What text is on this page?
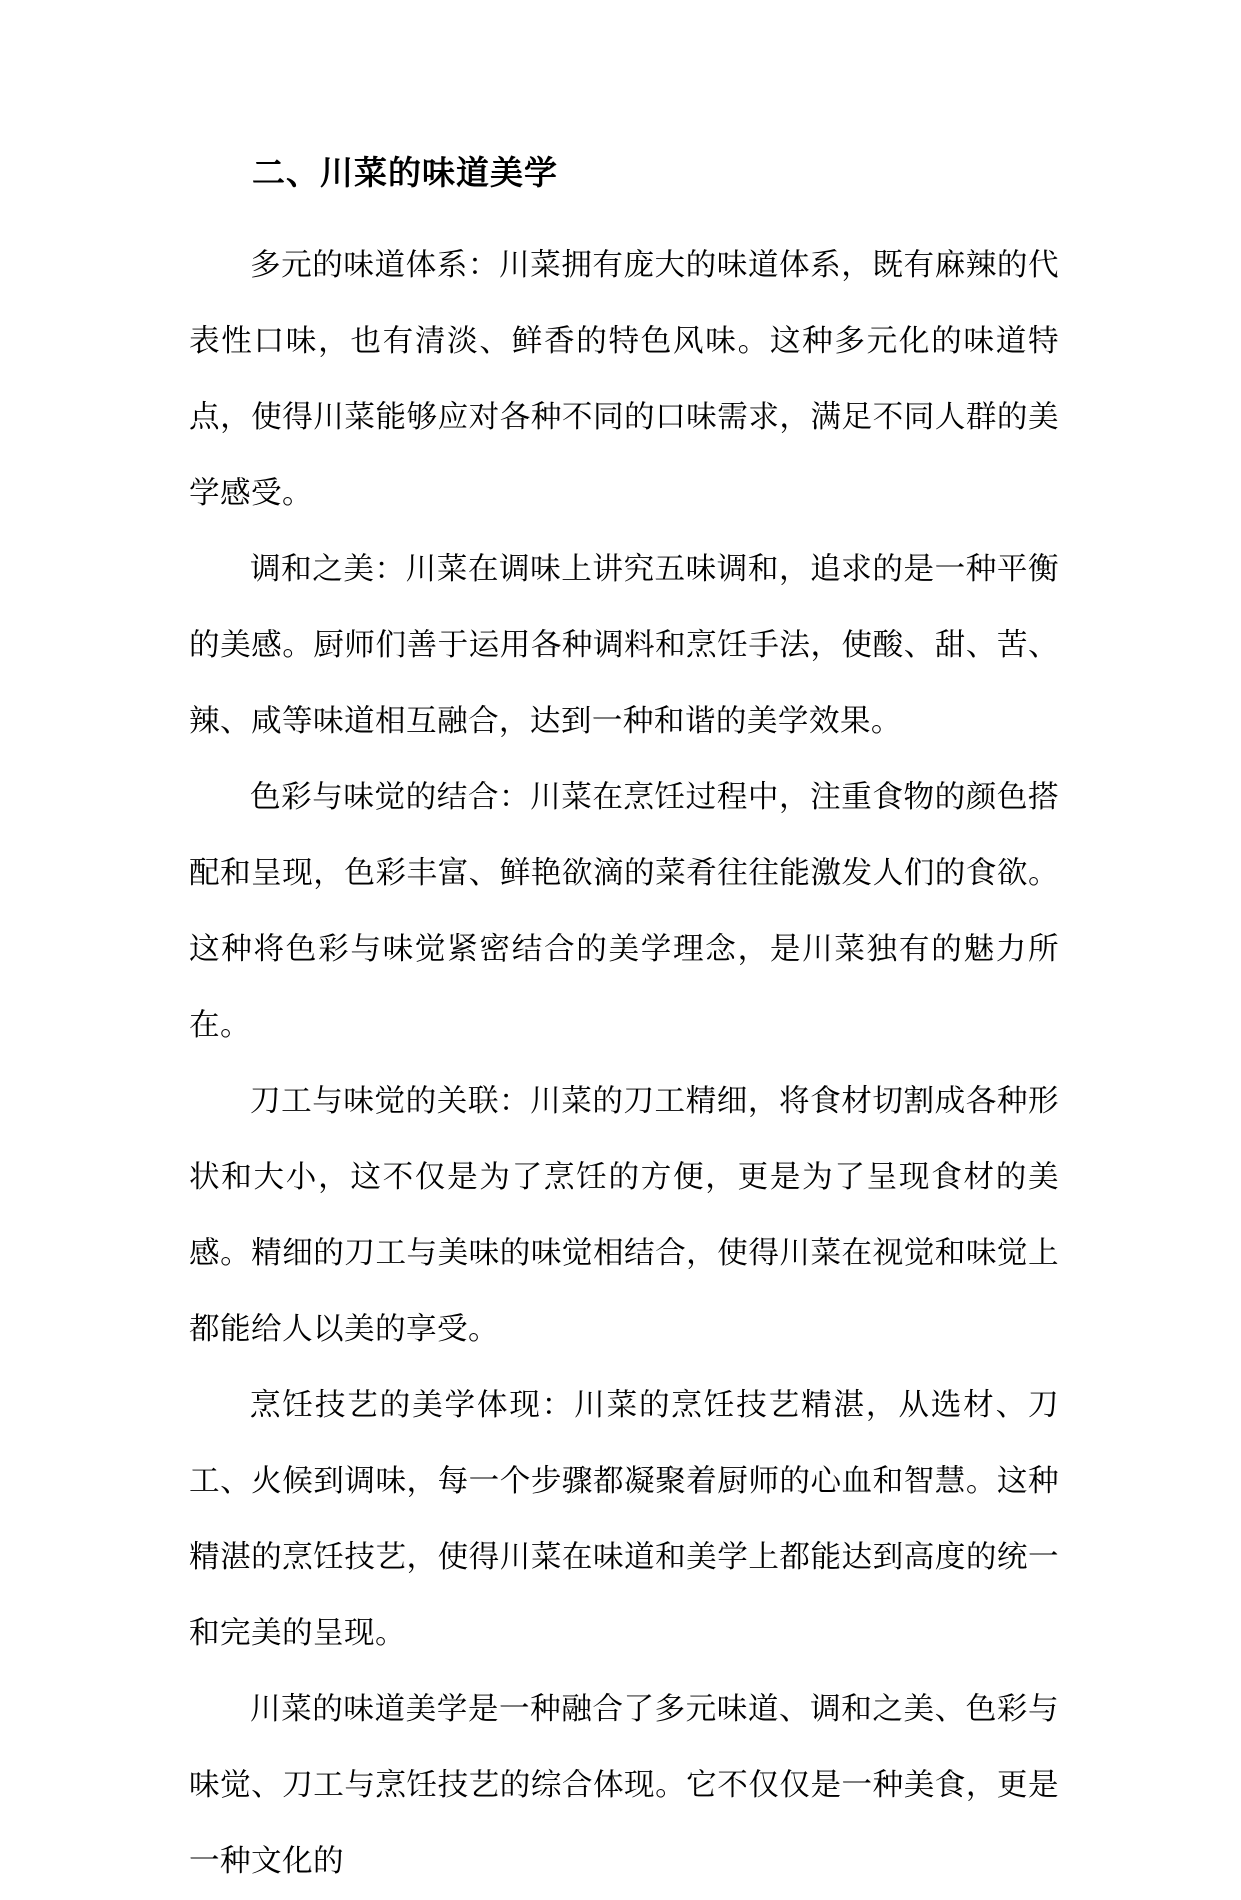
二、川菜的味道美学

多元的味道体系：川菜拥有庞大的味道体系，既有麻辣的代表性口味，也有清淡、鲜香的特色风味。这种多元化的味道特点，使得川菜能够应对各种不同的口味需求，满足不同人群的美学感受。

调和之美：川菜在调味上讲究五味调和，追求的是一种平衡的美感。厨师们善于运用各种调料和烹饪手法，使酸、甜、苦、辣、咸等味道相互融合，达到一种和谐的美学效果。

色彩与味觉的结合：川菜在烹饪过程中，注重食物的颜色搭配和呈现，色彩丰富、鲜艳欲滴的菜肴往往能激发人们的食欲。这种将色彩与味觉紧密结合的美学理念，是川菜独有的魅力所在。

刀工与味觉的关联：川菜的刀工精细，将食材切割成各种形状和大小，这不仅是为了烹饪的方便，更是为了呈现食材的美感。精细的刀工与美味的味觉相结合，使得川菜在视觉和味觉上都能给人以美的享受。

烹饪技艺的美学体现：川菜的烹饪技艺精湛，从选材、刀工、火候到调味，每一个步骤都凝聚着厨师的心血和智慧。这种精湛的烹饪技艺，使得川菜在味道和美学上都能达到高度的统一和完美的呈现。

川菜的味道美学是一种融合了多元味道、调和之美、色彩与味觉、刀工与烹饪技艺的综合体现。它不仅仅是一种美食，更是一种文化的
